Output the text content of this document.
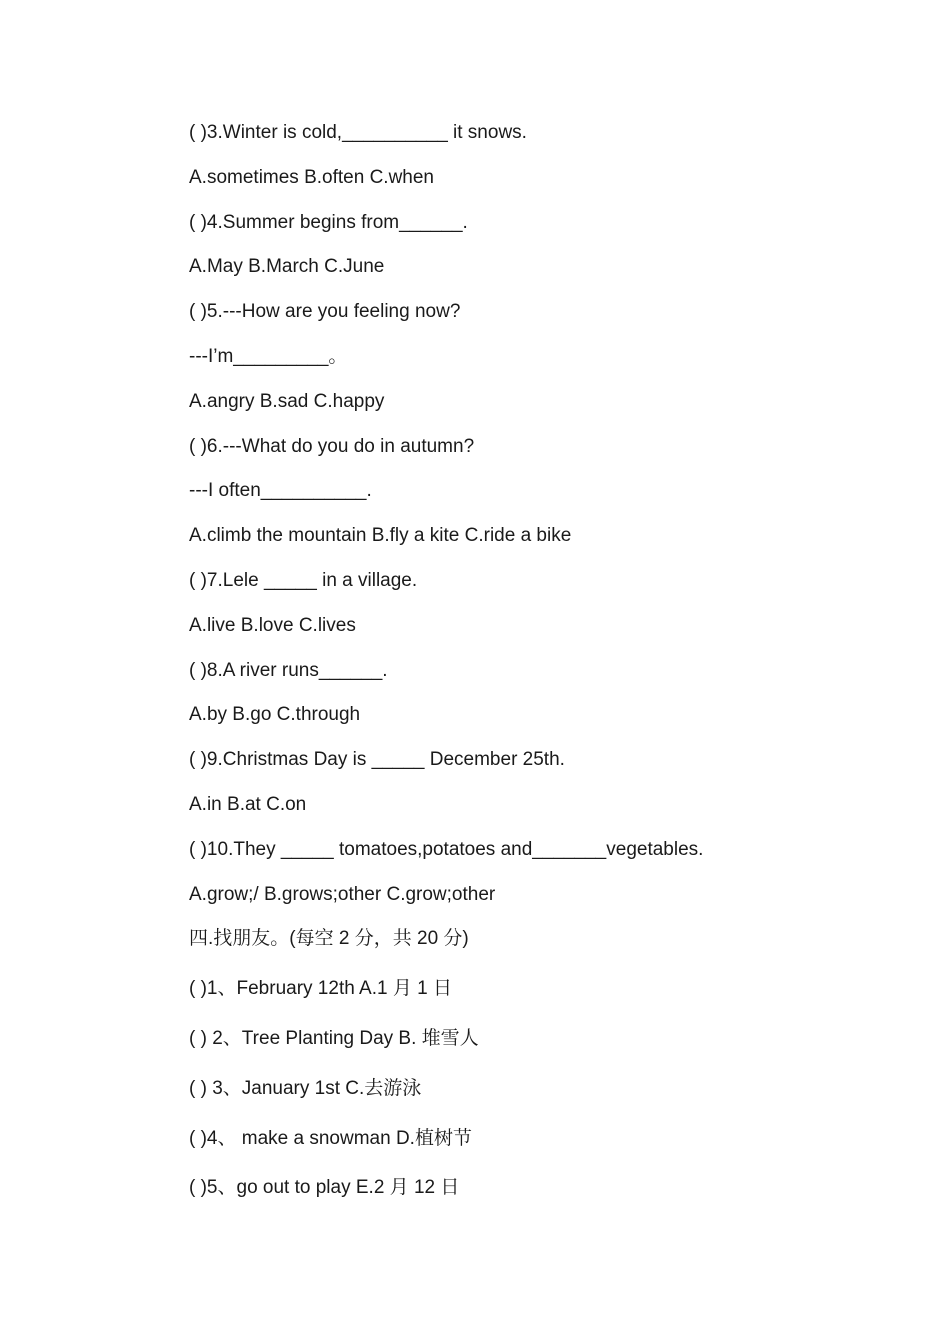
( )3.Winter is cold,__________ it snows.
A.sometimes B.often C.when
( )4.Summer begins from______.
A.May B.March C.June
( )5.---How are you feeling now?
---I’m_________。
A.angry B.sad C.happy
( )6.---What do you do in autumn?
---I often__________.
A.climb the mountain B.fly a kite C.ride a bike
( )7.Lele _____ in a village.
A.live B.love C.lives
( )8.A river runs______.
A.by B.go C.through
( )9.Christmas Day is _____ December 25th.
A.in B.at C.on
( )10.They _____ tomatoes,potatoes and_______vegetables.
A.grow;/ B.grows;other C.grow;other
四.找朋友。(每空 2 分，共 20 分)
( )1、February 12th A.1 月 1 日
( ) 2、Tree Planting Day B. 堆雪人
( ) 3、January 1st C.去游泳
( )4、 make a snowman D.植树节
( )5、go out to play E.2 月 12 日
